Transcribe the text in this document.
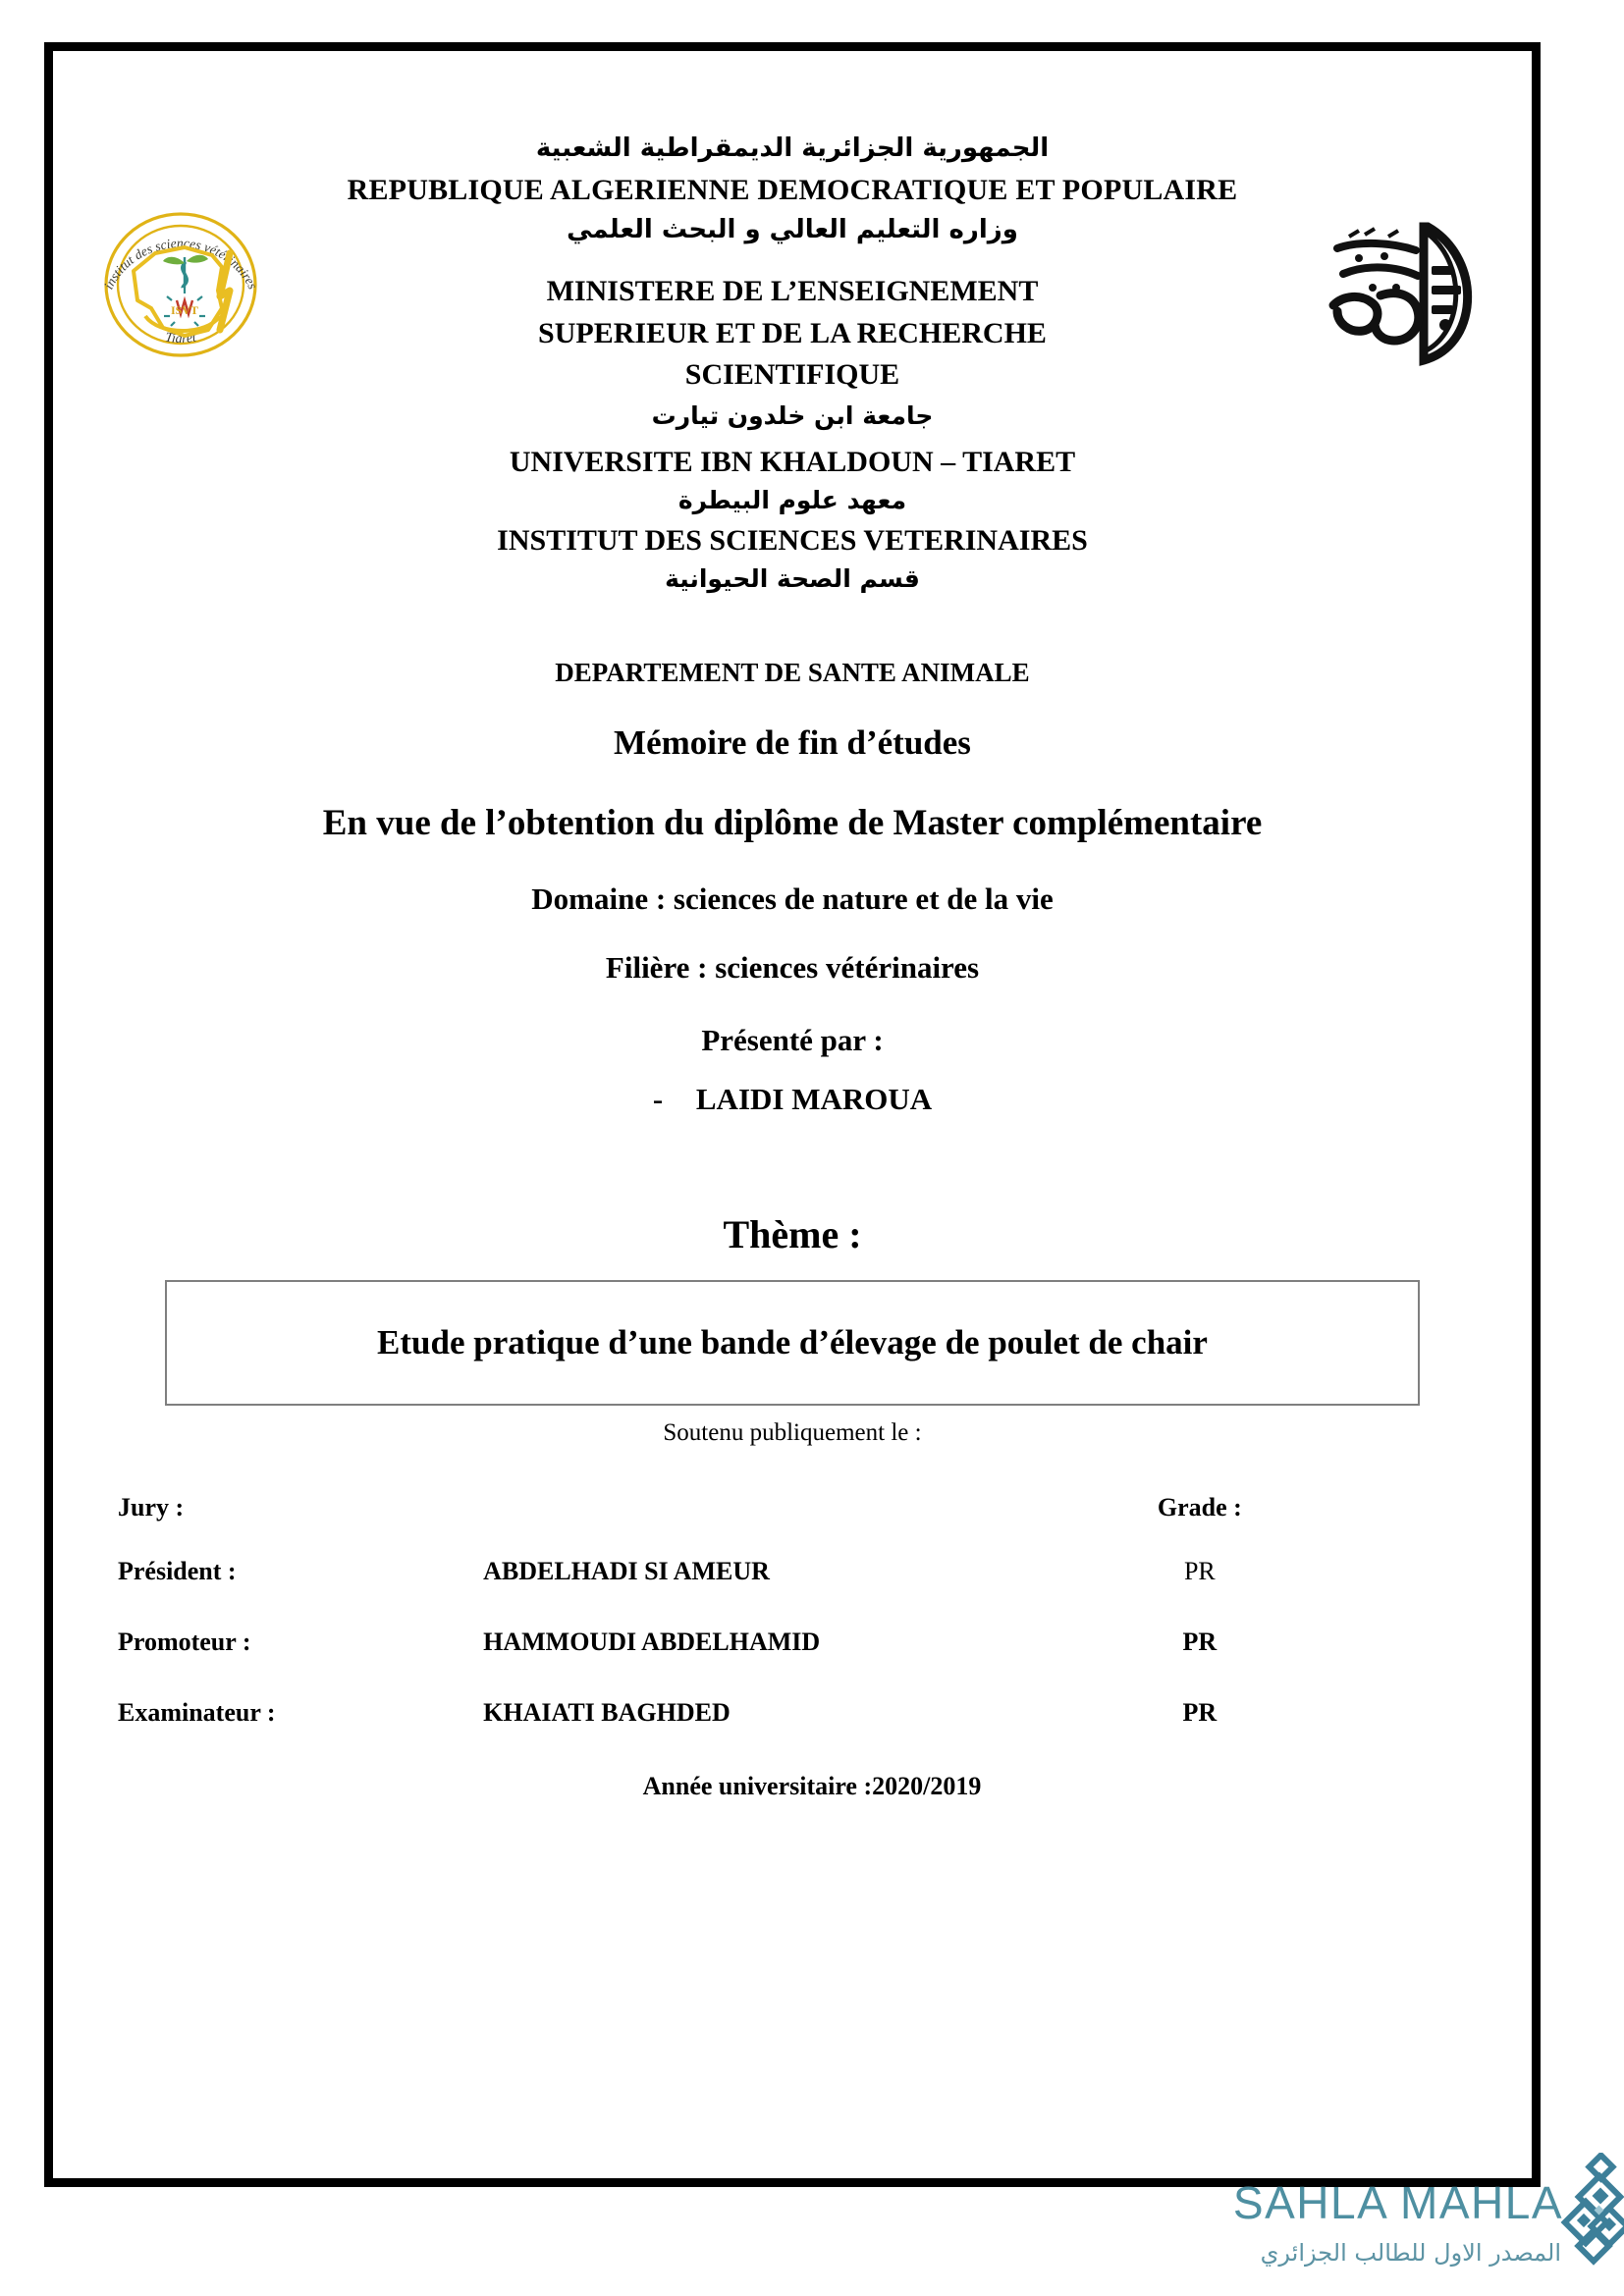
institut des sciences vétérinaires
Tiaret
ISVT
الجمهورية الجزائرية الديمقراطية الشعبية
REPUBLIQUE ALGERIENNE DEMOCRATIQUE ET POPULAIRE
وزاره التعليم العالي و البحث العلمي
MINISTERE DE L’ENSEIGNEMENT
SUPERIEUR ET DE LA RECHERCHE
SCIENTIFIQUE
جامعة ابن خلدون تيارت
UNIVERSITE IBN KHALDOUN – TIARET
معهد علوم البيطرة
INSTITUT DES SCIENCES VETERINAIRES
قسم الصحة الحيوانية
DEPARTEMENT DE SANTE ANIMALE
Mémoire de fin d’études
En vue de l’obtention du diplôme de Master complémentaire
Domaine : sciences de nature et de la vie
Filière : sciences vétérinaires
Présenté par :
- LAIDI MAROUA
Thème :
Etude pratique d’une bande d’élevage de poulet de chair
Soutenu publiquement le :
Jury :		Grade :
Président :	ABDELHADI SI AMEUR	PR
Promoteur :	HAMMOUDI ABDELHAMID	PR
Examinateur :	KHAIATI BAGHDED	PR
Année universitaire :2020/2019
SAHLA MAHLA
المصدر الاول للطالب الجزائري
